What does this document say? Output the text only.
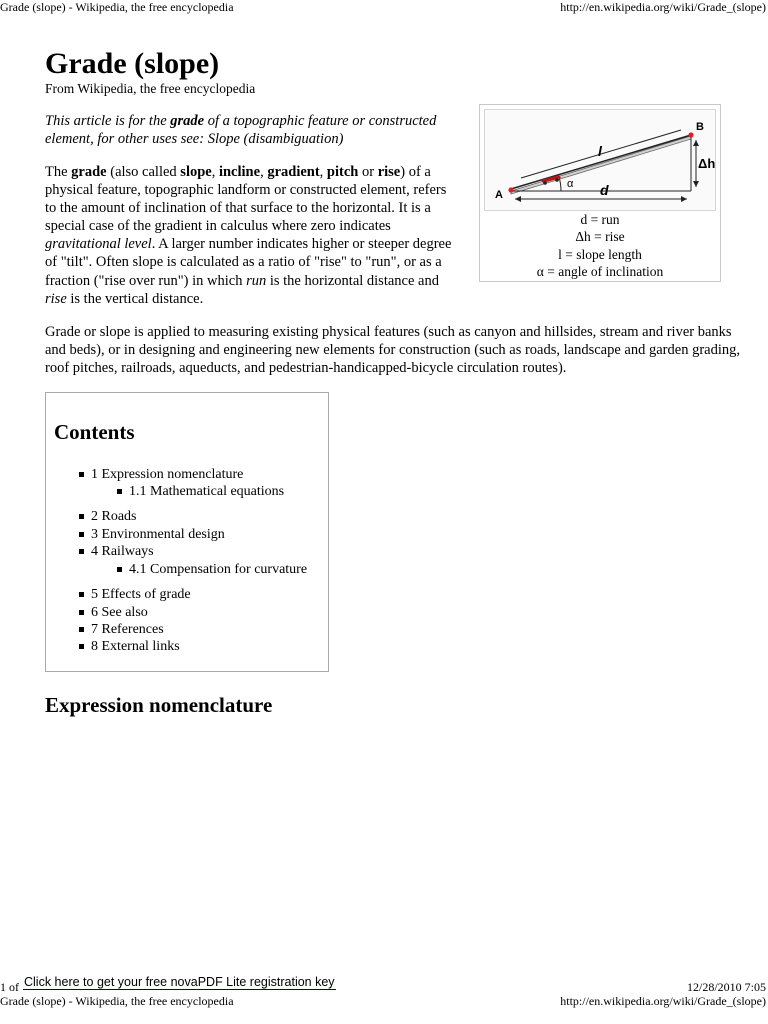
Grade (slope) - Wikipedia, the free encyclopedia	http://en.wikipedia.org/wiki/Grade_(slope)
Grade (slope)
From Wikipedia, the free encyclopedia
This article is for the grade of a topographic feature or constructed element, for other uses see: Slope (disambiguation)
The grade (also called slope, incline, gradient, pitch or rise) of a physical feature, topographic landform or constructed element, refers to the amount of inclination of that surface to the horizontal. It is a special case of the gradient in calculus where zero indicates gravitational level. A larger number indicates higher or steeper degree of "tilt". Often slope is calculated as a ratio of "rise" to "run", or as a fraction ("rise over run") in which run is the horizontal distance and rise is the vertical distance.
A
B
l
d
Δh
α
d = run
Δh = rise
l = slope length
α = angle of inclination
Grade or slope is applied to measuring existing physical features (such as canyon and hillsides, stream and river banks and beds), or in designing and engineering new elements for construction (such as roads, landscape and garden grading, roof pitches, railroads, aqueducts, and pedestrian-handicapped-bicycle circulation routes).
Contents
1 Expression nomenclature
1.1 Mathematical equations
2 Roads
3 Environmental design
4 Railways
4.1 Compensation for curvature
5 Effects of grade
6 See also
7 References
8 External links
Expression nomenclature
1 of Click here to get your free novaPDF Lite registration key	12/28/2010 7:05
Grade (slope) - Wikipedia, the free encyclopedia	http://en.wikipedia.org/wiki/Grade_(slope)
